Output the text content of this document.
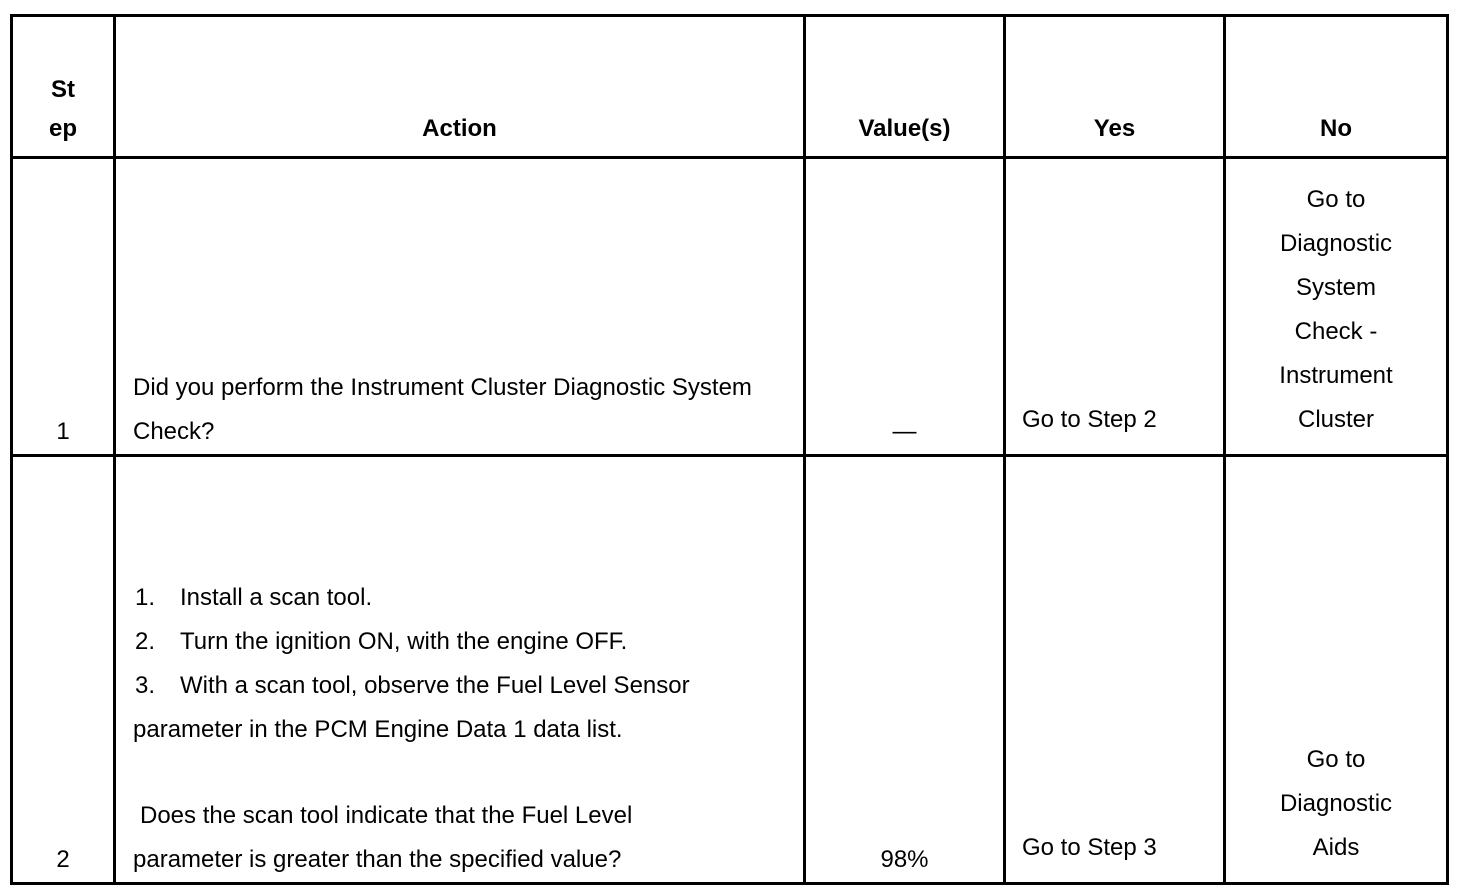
St ep	Action	Value(s)	Yes	No

1	Did you perform the Instrument Cluster Diagnostic System Check?	—	Go to Step 2	Go to Diagnostic System Check - Instrument Cluster

2	1. Install a scan tool.
2. Turn the ignition ON, with the engine OFF.
3. With a scan tool, observe the Fuel Level Sensor parameter in the PCM Engine Data 1 data list.
Does the scan tool indicate that the Fuel Level parameter is greater than the specified value?	98%	Go to Step 3	Go to Diagnostic Aids
